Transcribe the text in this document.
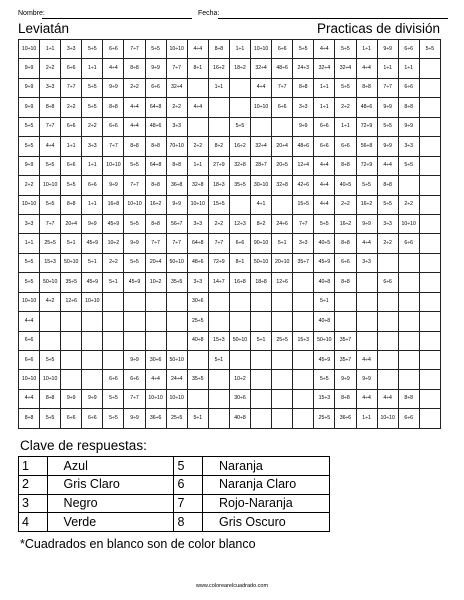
Nombre:	Fecha:
Leviatán	Practicas de división
10÷10	1÷1	3÷3	5÷5	6÷6	7÷7	5÷5	10÷10	4÷4	8÷8	1÷1	10÷10	6÷6	5÷5	4÷4	5÷5	1÷1	9÷9	6÷6	5÷5
9÷9	2÷2	6÷6	1÷1	4÷4	8÷8	9÷9	7÷7	8÷1	16÷2	18÷2	32÷4	48÷6	24÷3	32÷4	32÷4	4÷4	1÷1	1÷1	
9÷9	3÷3	7÷7	5÷5	9÷9	2÷2	6÷6	32÷4		1÷1		4÷4	7÷7	8÷8	1÷1	5÷5	8÷8	7÷7	6÷6	
9÷9	8÷8	2÷2	5÷5	8÷8	4÷4	64÷8	2÷2	4÷4			10÷10	6÷6	3÷3	1÷1	2÷2	48÷6	9÷9	8÷8	
5÷5	7÷7	6÷6	2÷2	6÷6	4÷4	48÷6	3÷3			5÷5			9÷9	6÷6	1÷1	72÷9	5÷5	9÷9	
5÷5	4÷4	1÷1	3÷3	7÷7	8÷8	8÷8	70÷10	2÷2	8÷2	16÷2	32÷4	20÷4	48÷6	6÷6	6÷6	56÷8	9÷9	3÷3	
9÷9	5÷5	6÷6	1÷1	10÷10	5÷5	64÷8	8÷8	1÷1	27÷9	32÷8	28÷7	20÷5	12÷4	4÷4	8÷8	72÷9	4÷4	5÷5	
2÷2	10÷10	5÷5	6÷6	9÷9	7÷7	8÷8	36÷8	32÷8	18÷3	35÷5	30÷10	32÷8	42÷6	4÷4	40÷5	5÷5	8÷8		
10÷10	5÷5	8÷8	1÷1	16÷8	10÷10	16÷2	9÷9	10÷10	15÷5		4÷1		15÷5	4÷4	2÷2	16÷2	5÷5	2÷2	
3÷3	7÷7	20÷4	9÷9	45÷9	5÷5	8÷8	56÷7	3÷3	2÷2	12÷3	8÷2	24÷6	7÷7	5÷5	16÷2	9÷9	3÷3	10÷10	
1÷1	25÷5	5÷1	45÷9	10÷2	9÷9	7÷7	7÷7	64÷8	7÷7	6÷6	90÷10	5÷1	3÷3	40÷5	8÷8	4÷4	2÷2	6÷6	
5÷5	15÷3	50÷10	5÷1	2÷2	5÷5	20÷4	50÷10	48÷6	72÷9	8÷1	50÷10	20÷10	35÷7	45÷9	6÷6	3÷3			
5÷5	50÷10	35÷5	45÷9	5÷1	45÷9	10÷2	35÷5	3÷3	14÷7	16÷8	18÷8	12÷6		40÷8	8÷8		6÷6		
10÷10	4÷2	12÷6	10÷10					30÷6						5÷1					
4÷4								25÷5						40÷8					
6÷6								40÷8	15÷3	50÷10	5÷1	25÷5	15÷3	50÷10	35÷7				
6÷6	5÷5				9÷9	30÷6	50÷10		5÷1					45÷9	35÷7	4÷4			
10÷10	10÷10			6÷6	6÷6	4÷4	24÷4	35÷5		10÷2				5÷5	9÷9	9÷9			
4÷4	8÷8	9÷9	9÷9	5÷5	7÷7	10÷10	10÷10			30÷6				15÷3	8÷8	4÷4	4÷4	8÷8	
8÷8	5÷5	6÷6	6÷6	5÷5	9÷9	36÷6	25÷5	5÷1		40÷8				25÷5	36÷6	1÷1	10÷10	6÷6	
Clave de respuestas:
1	Azul	5	Naranja
2	Gris Claro	6	Naranja Claro
3	Negro	7	Rojo-Naranja
4	Verde	8	Gris Oscuro
*Cuadrados en blanco son de color blanco
www.colorearelcuadrado.com
